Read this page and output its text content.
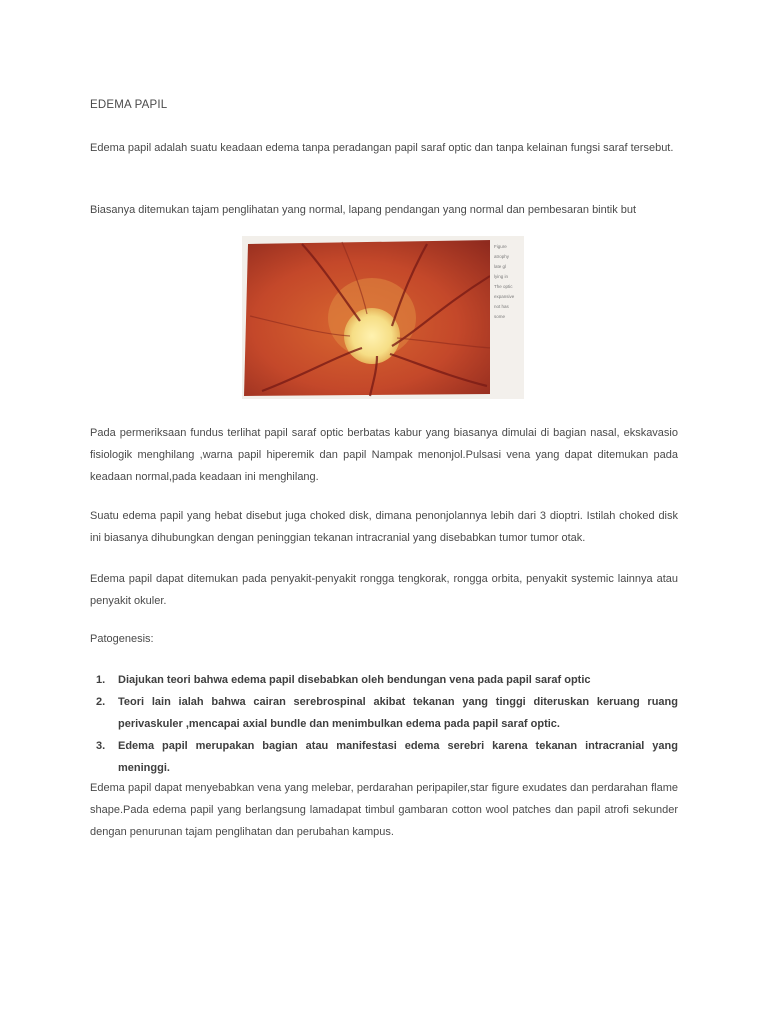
EDEMA PAPIL

Edema papil adalah suatu keadaan edema tanpa peradangan papil saraf optic dan tanpa kelainan fungsi saraf tersebut.

Biasanya ditemukan tajam penglihatan yang normal, lapang pendangan yang normal dan pembesaran bintik but

Figure
atrophy
late gl
lying in
The optic
expansive
not has
some

Pada permeriksaan fundus terlihat papil saraf optic berbatas kabur yang biasanya dimulai di bagian nasal, ekskavasio fisiologik menghilang ,warna papil hiperemik dan papil Nampak menonjol.Pulsasi vena yang dapat ditemukan pada keadaan normal,pada keadaan ini menghilang.

Suatu edema papil yang hebat disebut juga choked disk, dimana penonjolannya lebih dari 3 dioptri. Istilah choked disk ini biasanya dihubungkan dengan peninggian tekanan intracranial yang disebabkan tumor tumor otak.

Edema papil dapat ditemukan pada penyakit-penyakit rongga tengkorak, rongga orbita, penyakit systemic lainnya atau penyakit okuler.

Patogenesis:

1. Diajukan teori bahwa edema papil disebabkan oleh bendungan vena pada papil saraf optic
2. Teori lain ialah bahwa cairan serebrospinal akibat tekanan yang tinggi diteruskan keruang ruang perivaskuler ,mencapai axial bundle dan menimbulkan edema pada papil saraf optic.
3. Edema papil merupakan bagian atau manifestasi edema serebri karena tekanan intracranial yang meninggi.

Edema papil dapat menyebabkan vena yang melebar, perdarahan peripapiler,star figure exudates dan perdarahan flame shape.Pada edema papil yang berlangsung lamadapat timbul gambaran cotton wool patches dan papil atrofi sekunder dengan penurunan tajam penglihatan dan perubahan kampus.
